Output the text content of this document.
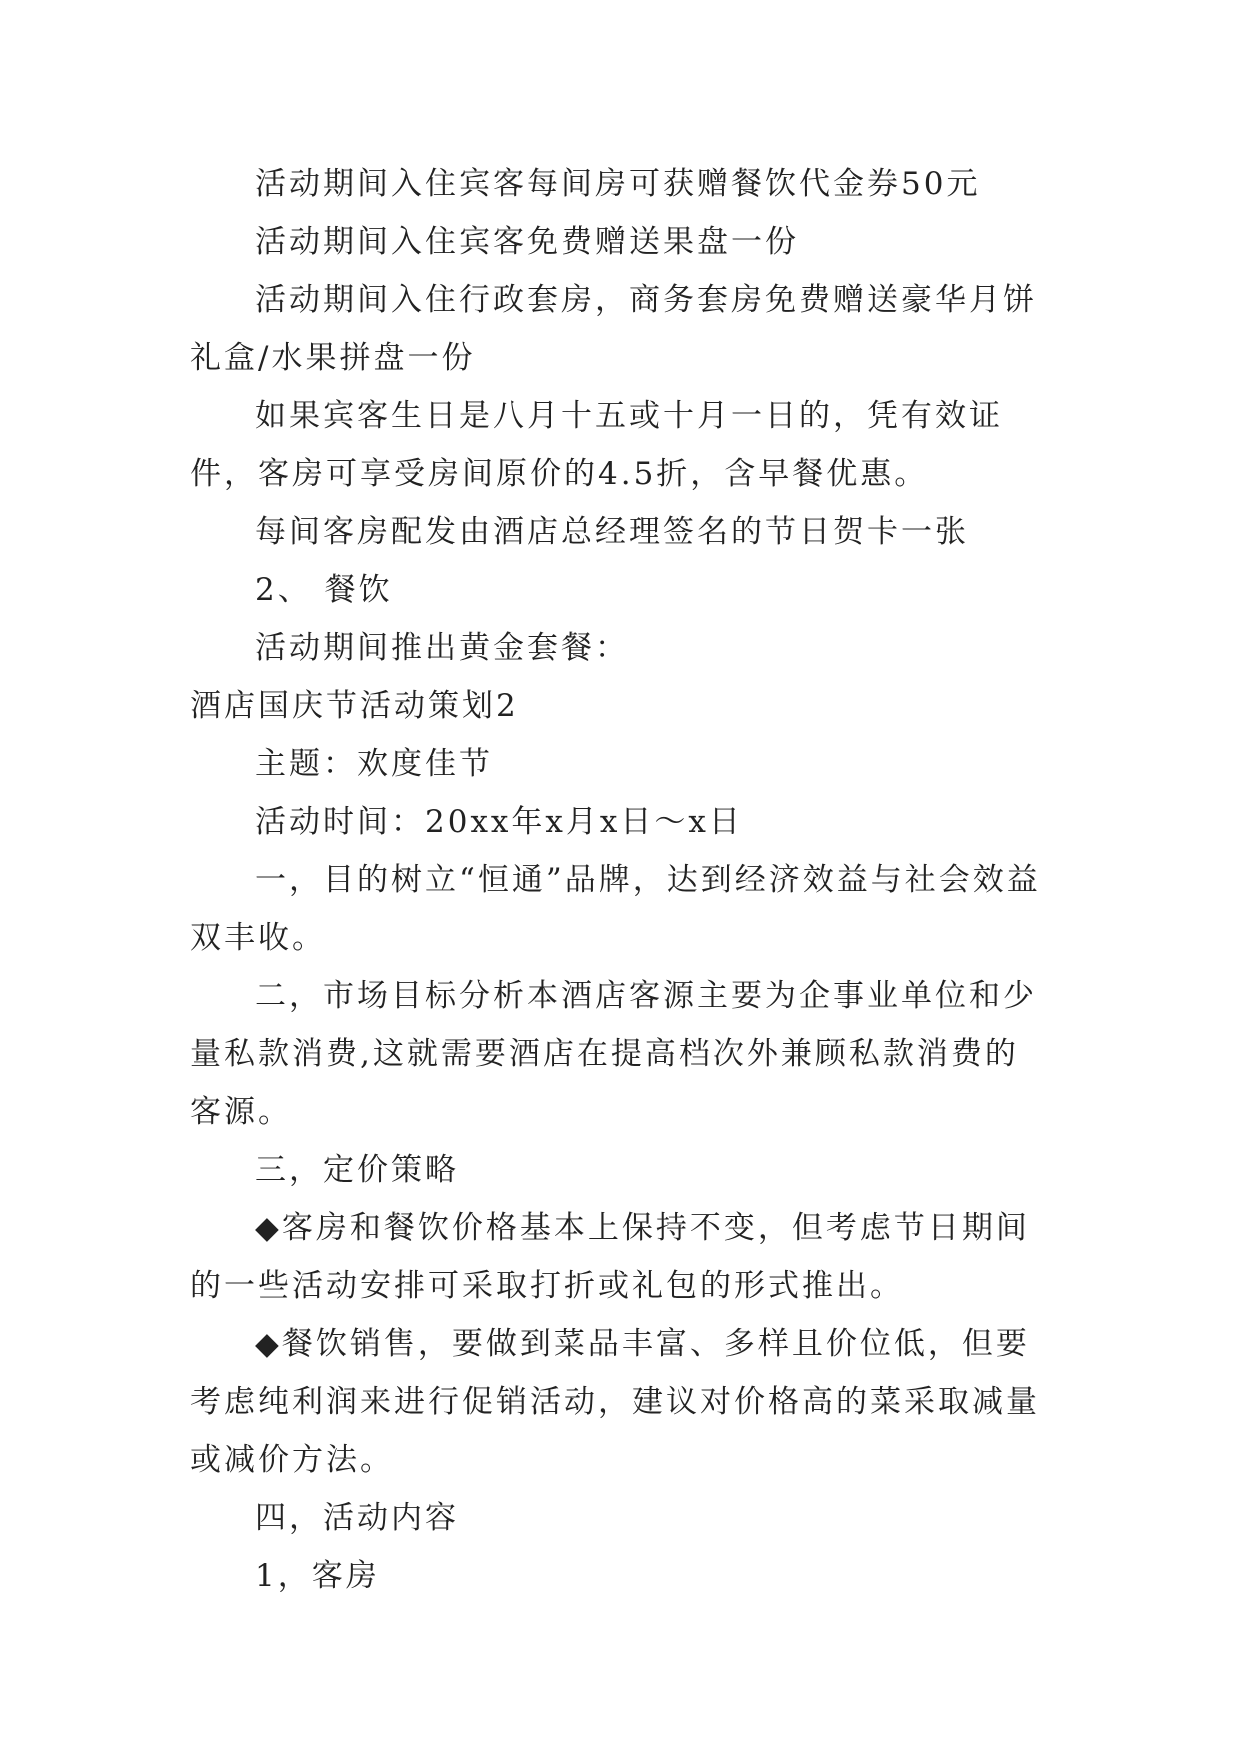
活动期间入住宾客每间房可获赠餐饮代金券50元

活动期间入住宾客免费赠送果盘一份

活动期间入住行政套房，商务套房免费赠送豪华月饼礼盒/水果拼盘一份

如果宾客生日是八月十五或十月一日的，凭有效证件，客房可享受房间原价的4.5折，含早餐优惠。

每间客房配发由酒店总经理签名的节日贺卡一张

2、 餐饮

活动期间推出黄金套餐：

酒店国庆节活动策划2

主题：欢度佳节

活动时间：20xx年x月x日～x日

一，目的树立“恒通”品牌，达到经济效益与社会效益双丰收。

二，市场目标分析本酒店客源主要为企事业单位和少量私款消费,这就需要酒店在提高档次外兼顾私款消费的客源。

三，定价策略

◆客房和餐饮价格基本上保持不变，但考虑节日期间的一些活动安排可采取打折或礼包的形式推出。

◆餐饮销售，要做到菜品丰富、多样且价位低，但要考虑纯利润来进行促销活动，建议对价格高的菜采取减量或减价方法。

四，活动内容

1，客房
